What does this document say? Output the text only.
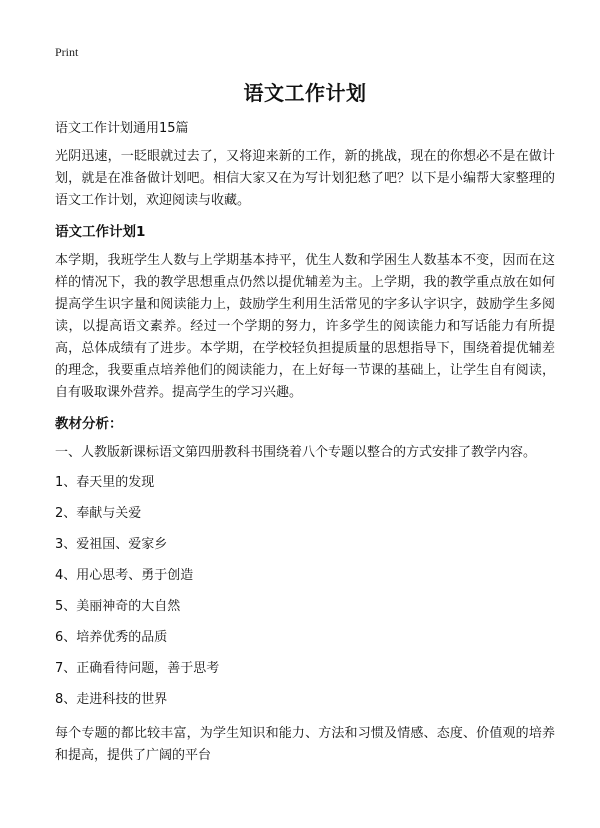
Print

语文工作计划

语文工作计划通用15篇

光阴迅速，一眨眼就过去了，又将迎来新的工作，新的挑战，现在的你想必不是在做计划，就是在准备做计划吧。相信大家又在为写计划犯愁了吧？以下是小编帮大家整理的语文工作计划，欢迎阅读与收藏。

语文工作计划1

本学期，我班学生人数与上学期基本持平，优生人数和学困生人数基本不变，因而在这样的情况下，我的教学思想重点仍然以提优辅差为主。上学期，我的教学重点放在如何提高学生识字量和阅读能力上，鼓励学生利用生活常见的字多认字识字，鼓励学生多阅读，以提高语文素养。经过一个学期的努力，许多学生的阅读能力和写话能力有所提高，总体成绩有了进步。本学期，在学校轻负担提质量的思想指导下，围绕着提优辅差的理念，我要重点培养他们的阅读能力，在上好每一节课的基础上，让学生自有阅读，自有吸取课外营养。提高学生的学习兴趣。

教材分析：

一、人教版新课标语文第四册教科书围绕着八个专题以整合的方式安排了教学内容。

1、春天里的发现
2、奉献与关爱
3、爱祖国、爱家乡
4、用心思考、勇于创造
5、美丽神奇的大自然
6、培养优秀的品质
7、正确看待问题，善于思考
8、走进科技的世界

每个专题的都比较丰富，为学生知识和能力、方法和习惯及情感、态度、价值观的培养和提高，提供了广阔的平台
